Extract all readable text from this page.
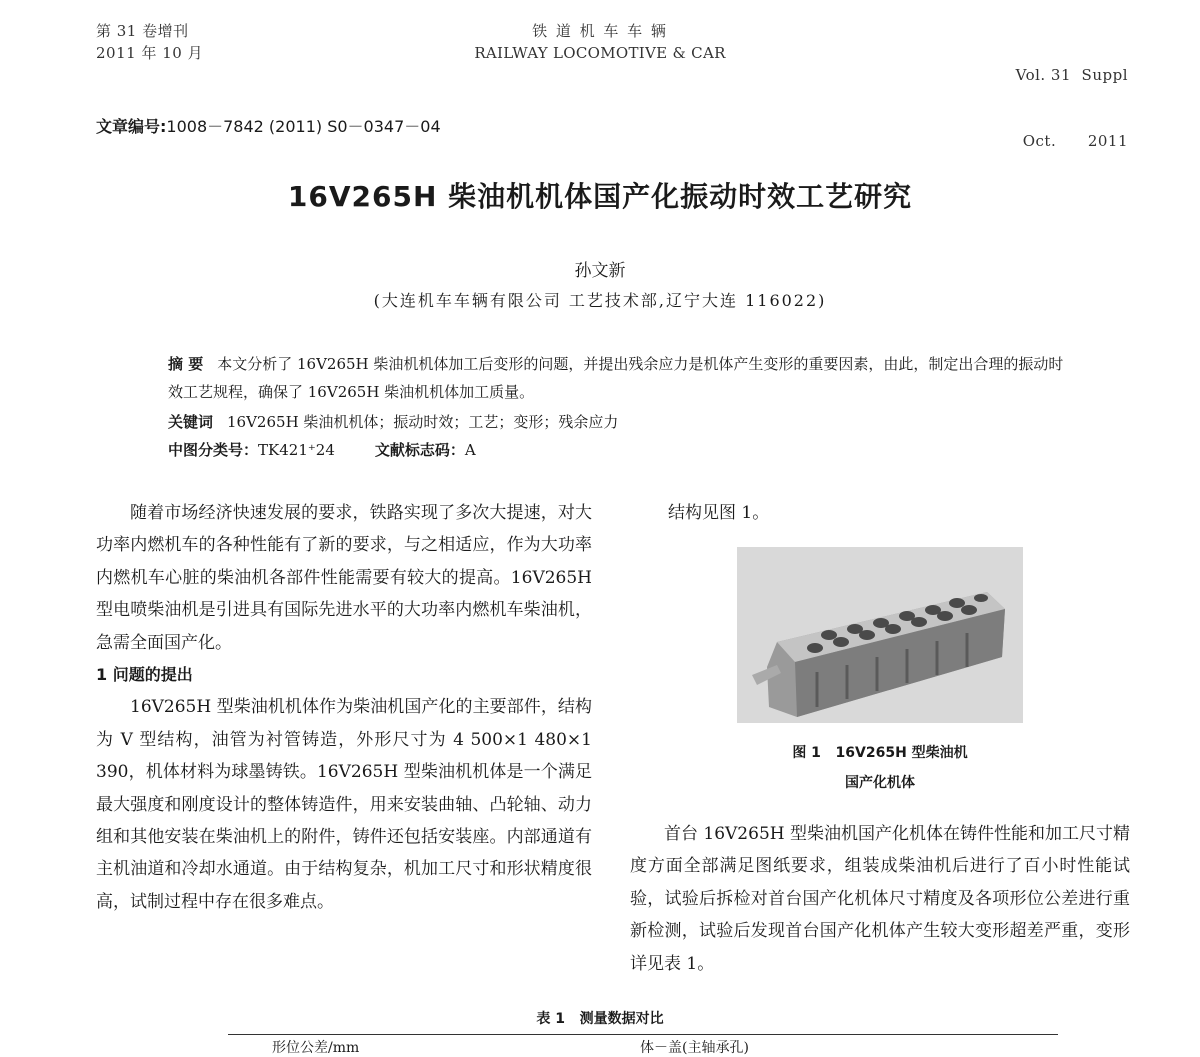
第 31 卷增刊
2011 年 10 月
铁 道 机 车 车 辆
RAILWAY LOCOMOTIVE & CAR

Vol. 31  Suppl

Oct.      2011

文章编号:1008－7842 (2011) S0－0347－04
16V265H 柴油机机体国产化振动时效工艺研究
孙文新
(大连机车车辆有限公司 工艺技术部,辽宁大连 116022)
摘 要 本文分析了 16V265H 柴油机机体加工后变形的问题，并提出残余应力是机体产生变形的重要因素，由此，制定出合理的振动时效工艺规程，确保了 16V265H 柴油机机体加工质量。
关键词 16V265H 柴油机机体；振动时效；工艺；变形；残余应力
中图分类号：TK421⁺24	文献标志码：A

随着市场经济快速发展的要求，铁路实现了多次大提速，对大功率内燃机车的各种性能有了新的要求，与之相适应，作为大功率内燃机车心脏的柴油机各部件性能需要有较大的提高。16V265H 型电喷柴油机是引进具有国际先进水平的大功率内燃机车柴油机，急需全面国产化。

1 问题的提出

16V265H 型柴油机机体作为柴油机国产化的主要部件，结构为 V 型结构，油管为衬管铸造，外形尺寸为 4 500×1 480×1 390，机体材料为球墨铸铁。16V265H 型柴油机机体是一个满足最大强度和刚度设计的整体铸造件，用来安装曲轴、凸轮轴、动力组和其他安装在柴油机上的附件，铸件还包括安装座。内部通道有主机油道和冷却水通道。由于结构复杂，机加工尺寸和形状精度很高，试制过程中存在很多难点。

结构见图 1。

图 1   16V265H 型柴油机
国产化机体

首台 16V265H 型柴油机国产化机体在铸件性能和加工尺寸精度方面全部满足图纸要求，组装成柴油机后进行了百小时性能试验，试验后拆检对首台国产化机体尺寸精度及各项形位公差进行重新检测，试验后发现首台国产化机体产生较大变形超差严重，变形详见表 1。

表 1   测量数据对比
形位公差/mm	体－盖(主轴承孔)
